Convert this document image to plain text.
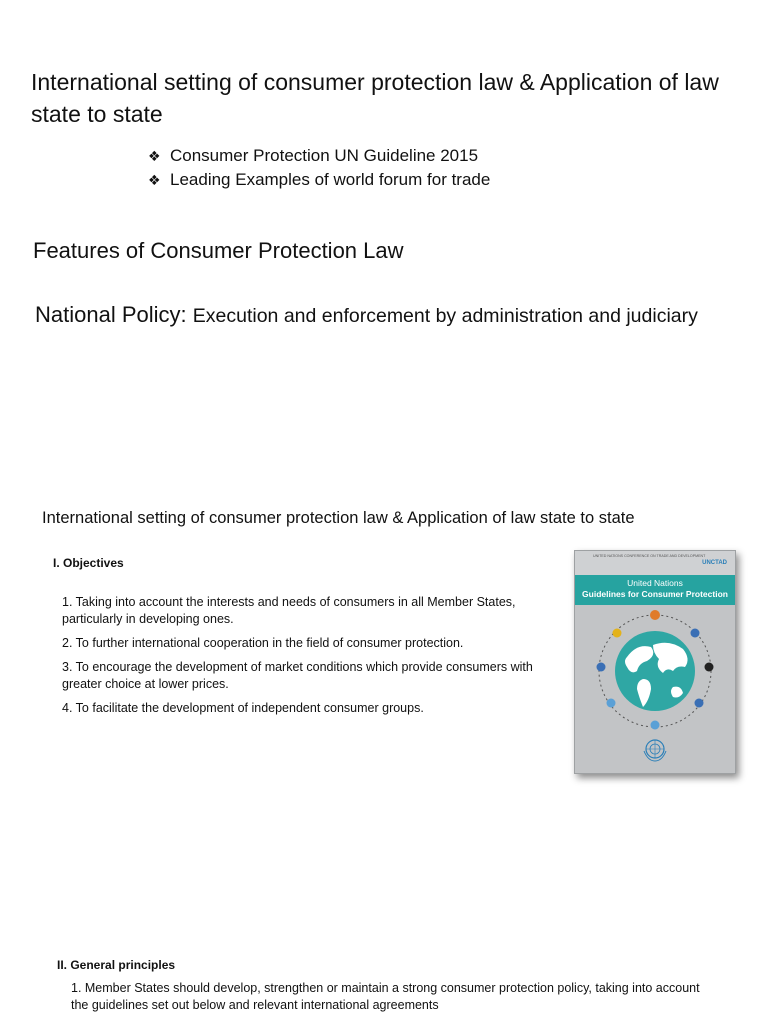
International setting of consumer protection law & Application of law state to state
❖ Consumer Protection UN Guideline 2015
❖ Leading Examples of world forum for trade
Features of Consumer Protection Law
National Policy: Execution and enforcement by administration and judiciary
International setting of consumer protection law & Application of law state to state
I. Objectives
1. Taking into account the interests and needs of consumers in all Member States, particularly in developing ones.
2. To further international cooperation in the field of consumer protection.
3. To encourage the development of market conditions which provide consumers with greater choice at lower prices.
4. To facilitate the development of independent consumer groups.
UNITED NATIONS CONFERENCE ON TRADE AND DEVELOPMENT
UNCTAD
United Nations
Guidelines for Consumer Protection
II. General principles
1. Member States should develop, strengthen or maintain a strong consumer protection policy, taking into account the guidelines set out below and relevant international agreements
